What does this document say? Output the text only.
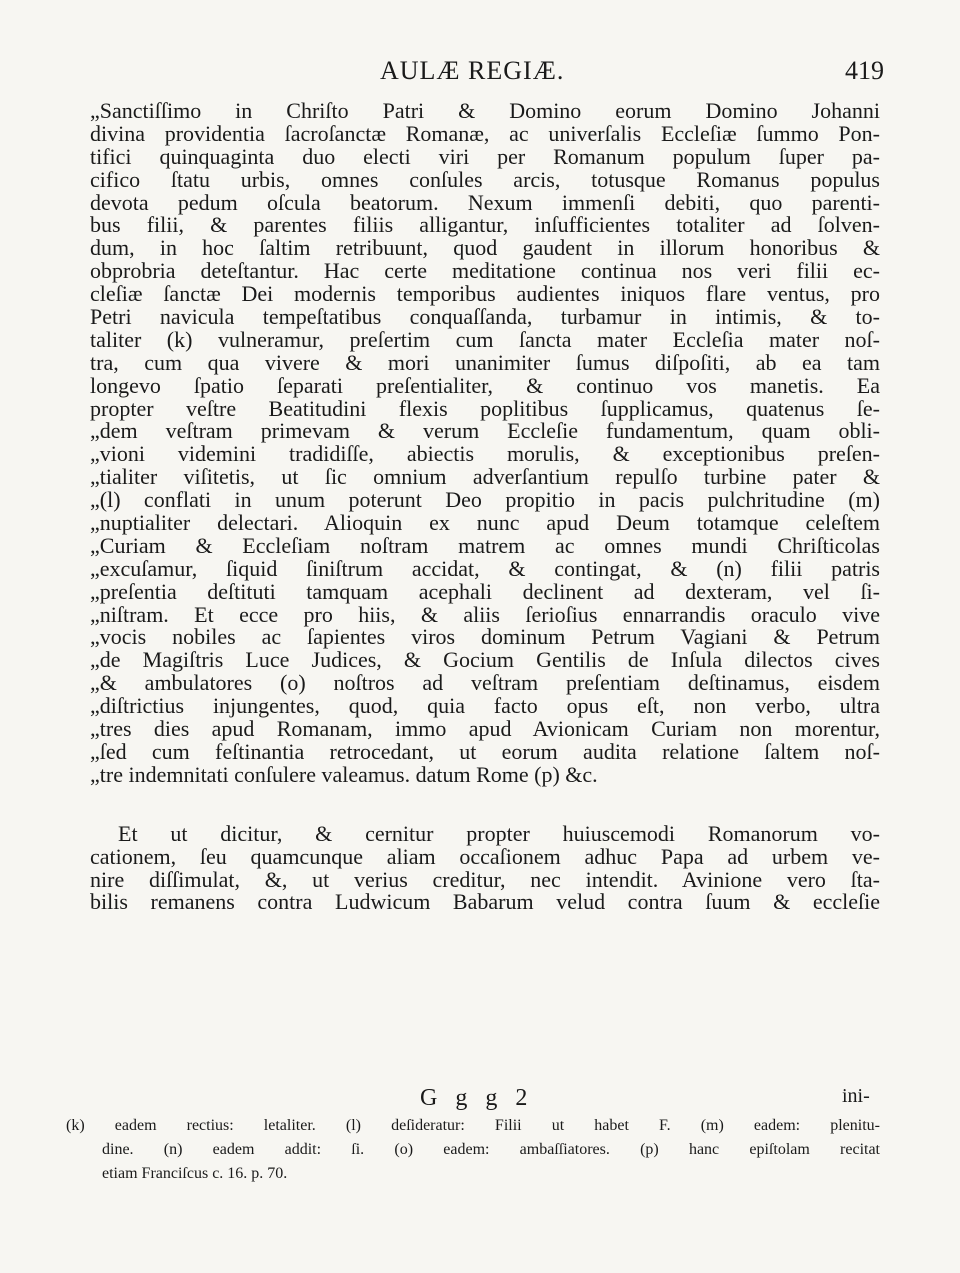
AULÆ REGIÆ.	419
„Sanctiſſimo in Chriſto Patri & Domino eorum Domino Johanni
divina providentia ſacroſanctæ Romanæ, ac univerſalis Eccleſiæ ſummo Pon-
tifici quinquaginta duo electi viri per Romanum populum ſuper pa-
cifico ſtatu urbis, omnes conſules arcis, totusque Romanus populus
devota pedum oſcula beatorum. Nexum immenſi debiti, quo parenti-
bus filii, & parentes filiis alligantur, inſufficientes totaliter ad ſolven-
dum, in hoc ſaltim retribuunt, quod gaudent in illorum honoribus &
obprobria deteſtantur. Hac certe meditatione continua nos veri filii ec-
cleſiæ ſanctæ Dei modernis temporibus audientes iniquos flare ventus, pro
Petri navicula tempeſtatibus conquaſſanda, turbamur in intimis, & to-
taliter (k) vulneramur, preſertim cum ſancta mater Eccleſia mater noſ-
tra, cum qua vivere & mori unanimiter ſumus diſpoſiti, ab ea tam
longevo ſpatio ſeparati preſentialiter, & continuo vos manetis. Ea
propter veſtre Beatitudini flexis poplitibus ſupplicamus, quatenus ſe-
„dem veſtram primevam & verum Eccleſie fundamentum, quam obli-
„vioni videmini tradidiſſe, abiectis morulis, & exceptionibus preſen-
„tialiter viſitetis, ut ſic omnium adverſantium repulſo turbine pater &
„(l) conflati in unum poterunt Deo propitio in pacis pulchritudine (m)
„nuptialiter delectari. Alioquin ex nunc apud Deum totamque celeſtem
„Curiam & Eccleſiam noſtram matrem ac omnes mundi Chriſticolas
„excuſamur, ſiquid ſiniſtrum accidat, & contingat, & (n) filii patris
„preſentia deſtituti tamquam acephali declinent ad dexteram, vel ſi-
„niſtram. Et ecce pro hiis, & aliis ſerioſius ennarrandis oraculo vive
„vocis nobiles ac ſapientes viros dominum Petrum Vagiani & Petrum
„de Magiſtris Luce Judices, & Gocium Gentilis de Inſula dilectos cives
„& ambulatores (o) noſtros ad veſtram preſentiam deſtinamus, eisdem
„diſtrictius injungentes, quod, quia facto opus eſt, non verbo, ultra
„tres dies apud Romanam, immo apud Avionicam Curiam non morentur,
„ſed cum feſtinantia retrocedant, ut eorum audita relatione ſaltem noſ-
„tre indemnitati conſulere valeamus. datum Rome (p) &c.
Et ut dicitur, & cernitur propter huiuscemodi Romanorum vo-
cationem, ſeu quamcunque aliam occaſionem adhuc Papa ad urbem ve-
nire diſſimulat, &, ut verius creditur, nec intendit. Avinione vero ſta-
bilis remanens contra Ludwicum Babarum velud contra ſuum & eccleſie
G g g 2	ini-
(k) eadem rectius: letaliter. (l) deſideratur: Filii ut habet F. (m) eadem: plenitu-
dine. (n) eadem addit: ſi. (o) eadem: ambaſſiatores. (p) hanc epiſtolam recitat
etiam Franciſcus c. 16. p. 70.
